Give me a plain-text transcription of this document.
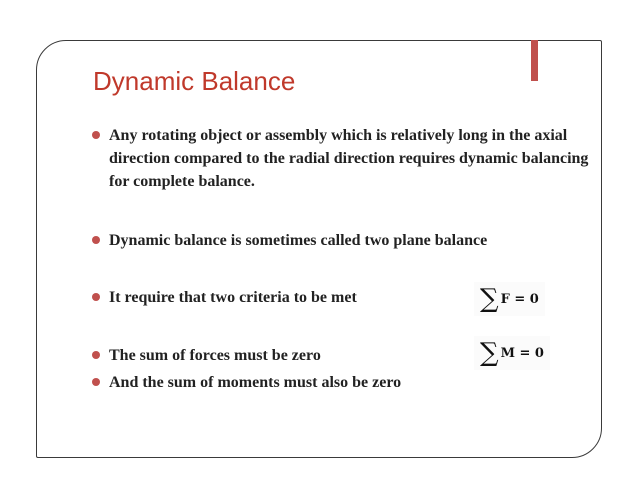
Dynamic Balance
Any rotating object or assembly which is relatively long in the axial direction compared to the radial direction requires dynamic balancing for complete balance.
Dynamic balance is sometimes called two plane balance
It require that two criteria to be met
The sum of forces must be zero
And the sum of moments must also be zero
∑ F = 0
∑ M = 0
